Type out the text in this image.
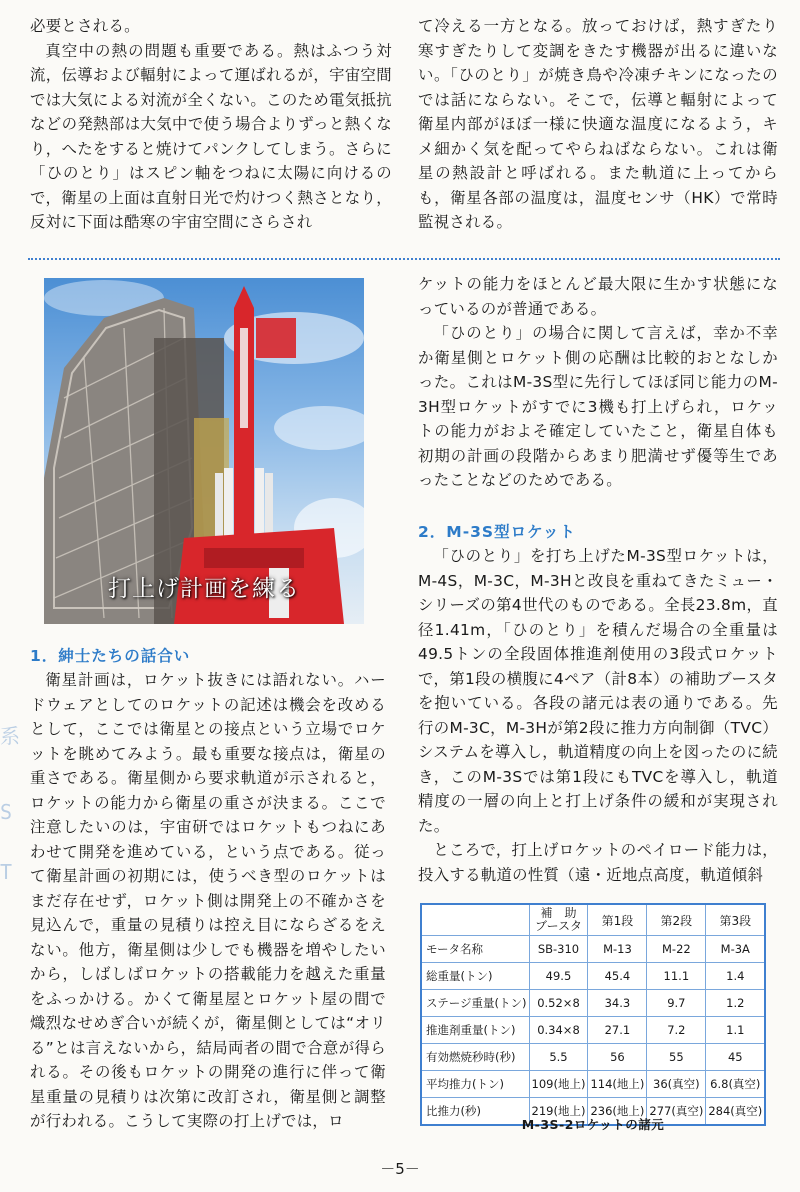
必要とされる。

真空中の熱の問題も重要である。熱はふつう対流，伝導および輻射によって運ばれるが，宇宙空間では大気による対流が全くない。このため電気抵抗などの発熱部は大気中で使う場合よりずっと熱くなり，へたをすると焼けてパンクしてしまう。さらに「ひのとり」はスピン軸をつねに太陽に向けるので，衛星の上面は直射日光で灼けつく熱さとなり，反対に下面は酷寒の宇宙空間にさらされ

て冷える一方となる。放っておけば，熱すぎたり寒すぎたりして変調をきたす機器が出るに違いない。「ひのとり」が焼き鳥や冷凍チキンになったのでは話にならない。そこで，伝導と輻射によって衛星内部がほぼ一様に快適な温度になるよう，キメ細かく気を配ってやらねばならない。これは衛星の熱設計と呼ばれる。また軌道に上ってからも，衛星各部の温度は，温度センサ（HK）で常時監視される。

打上げ計画を練る
1．紳士たちの話合い

衛星計画は，ロケット抜きには語れない。ハードウェアとしてのロケットの記述は機会を改めるとして，ここでは衛星との接点という立場でロケットを眺めてみよう。最も重要な接点は，衛星の重さである。衛星側から要求軌道が示されると，ロケットの能力から衛星の重さが決まる。ここで注意したいのは，宇宙研ではロケットもつねにあわせて開発を進めている，という点である。従って衛星計画の初期には，使うべき型のロケットはまだ存在せず，ロケット側は開発上の不確かさを見込んで，重量の見積りは控え目にならざるをえない。他方，衛星側は少しでも機器を増やしたいから，しばしばロケットの搭載能力を越えた重量をふっかける。かくて衛星屋とロケット屋の間で熾烈なせめぎ合いが続くが，衛星側としては“オリる”とは言えないから，結局両者の間で合意が得られる。その後もロケットの開発の進行に伴って衛星重量の見積りは次第に改訂され，衛星側と調整が行われる。こうして実際の打上げでは，ロ

ケットの能力をほとんど最大限に生かす状態になっているのが普通である。

「ひのとり」の場合に関して言えば，幸か不幸か衛星側とロケット側の応酬は比較的おとなしかった。これはM-3S型に先行してほぼ同じ能力のM-3H型ロケットがすでに3機も打上げられ，ロケットの能力がおよそ確定していたこと，衛星自体も初期の計画の段階からあまり肥満せず優等生であったことなどのためである。

2．M-3S型ロケット

「ひのとり」を打ち上げたM-3S型ロケットは，M-4S，M-3C，M-3Hと改良を重ねてきたミュー・シリーズの第4世代のものである。全長23.8m，直径1.41m，「ひのとり」を積んだ場合の全重量は49.5トンの全段固体推進剤使用の3段式ロケットで，第1段の横腹に4ペア（計8本）の補助ブースタを抱いている。各段の諸元は表の通りである。先行のM-3C，M-3Hが第2段に推力方向制御（TVC）システムを導入し，軌道精度の向上を図ったのに続き，このM-3Sでは第1段にもTVCを導入し，軌道精度の一層の向上と打上げ条件の緩和が実現された。

ところで，打上げロケットのペイロード能力は，投入する軌道の性質（遠・近地点高度，軌道傾斜

	補　助
ブースタ	第1段	第2段	第3段
モータ名称	SB-310	M-13	M-22	M-3A
総重量(トン)	49.5	45.4	11.1	1.4
ステージ重量(トン)	0.52×8	34.3	9.7	1.2
推進剤重量(トン)	0.34×8	27.1	7.2	1.1
有効燃焼秒時(秒)	5.5	56	55	45
平均推力(トン)	109(地上)	114(地上)	36(真空)	6.8(真空)
比推力(秒)	219(地上)	236(地上)	277(真空)	284(真空)
M-3S-2ロケットの諸元
－5－
系
S
T
